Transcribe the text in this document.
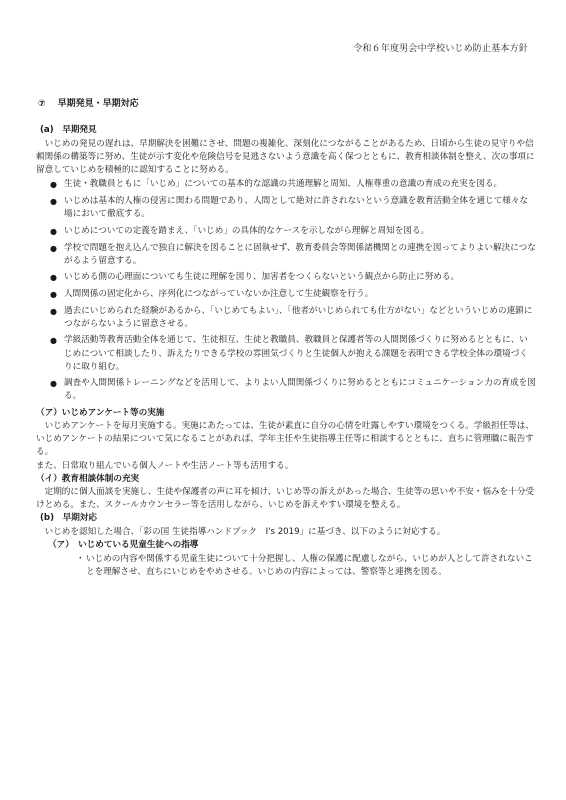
令和６年度男会中学校いじめ防止基本方針
⑦ 早期発見・早期対応

(a)　早期発見

いじめの発見の遅れは、早期解決を困難にさせ、問題の複雑化、深刻化につながることがあるため、日頃から生徒の見守りや信頼関係の構築等に努め、生徒が示す変化や危険信号を見逃さないよう意識を高く保つとともに、教育相談体制を整え、次の事項に留意していじめを積極的に認知することに努める。

● 生徒・教職員ともに「いじめ」についての基本的な認識の共通理解と周知、人権尊重の意識の育成の充実を図る。
● いじめは基本的人権の侵害に関わる問題であり、人間として絶対に許されないという意識を教育活動全体を通じて様々な場において徹底する。
● いじめについての定義を踏まえ、「いじめ」の具体的なケースを示しながら理解と周知を図る。
● 学校で問題を抱え込んで独自に解決を図ることに固執せず、教育委員会等関係諸機関との連携を図ってよりよい解決につながるよう留意する。
● いじめる側の心理面についても生徒に理解を図り、加害者をつくらないという観点から防止に努める。
● 人間関係の固定化から、序列化につながっていないか注意して生徒観察を行う。
● 過去にいじめられた経験があるから、「いじめてもよい」、「他者がいじめられても仕方がない」などといういじめの連鎖につながらないように留意させる。
● 学級活動等教育活動全体を通じて、生徒相互、生徒と教職員、教職員と保護者等の人間関係づくりに努めるとともに、いじめについて相談したり、訴えたりできる学校の雰囲気づくりと生徒個人が抱える課題を表明できる学校全体の環境づくりに取り組む。
● 調査や人間関係トレーニングなどを活用して、よりよい人間関係づくりに努めるとともにコミュニケーション力の育成を図る。

（ア）いじめアンケート等の実施

いじめアンケートを毎月実施する。実施にあたっては、生徒が素直に自分の心情を吐露しやすい環境をつくる。学級担任等は、いじめアンケートの結果について気になることがあれば、学年主任や生徒指導主任等に相談するとともに、直ちに管理職に報告する。

また、日常取り組んでいる個人ノートや生活ノート等も活用する。

（イ）教育相談体制の充実

定期的に個人面談を実施し、生徒や保護者の声に耳を傾け、いじめ等の訴えがあった場合、生徒等の思いや不安・悩みを十分受けとめる。また、スクールカウンセラー等を活用しながら、いじめを訴えやすい環境を整える。

(b)　早期対応

いじめを認知した場合、「彩の国 生徒指導ハンドブック　I's 2019」に基づき、以下のように対応する。

（ア）　いじめている児童生徒への指導

・ いじめの内容や関係する児童生徒について十分把握し、人権の保護に配慮しながら、いじめが人として許されないことを理解させ、直ちにいじめをやめさせる。いじめの内容によっては、警察等と連携を図る。
